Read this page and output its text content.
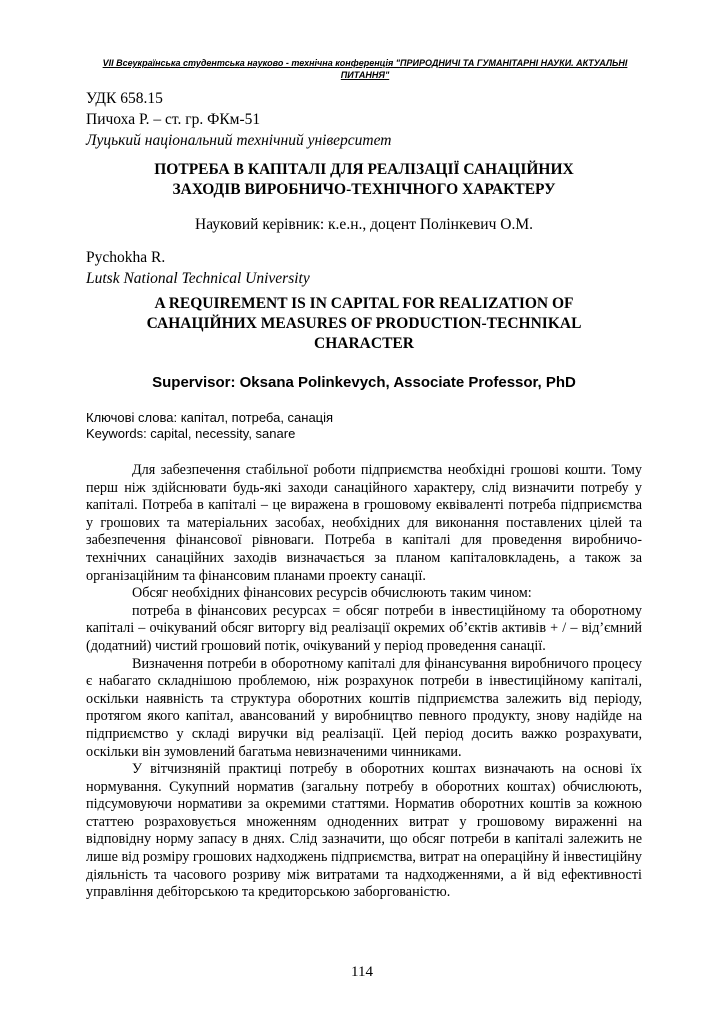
VII Всеукраїнська студентська науково - технічна конференція "ПРИРОДНИЧІ ТА ГУМАНІТАРНІ НАУКИ. АКТУАЛЬНІ ПИТАННЯ"
УДК 658.15
Пичоха Р. – ст. гр. ФКм-51
Луцький національний технічний університет
ПОТРЕБА В КАПІТАЛІ ДЛЯ РЕАЛІЗАЦІЇ САНАЦІЙНИХ
ЗАХОДІВ ВИРОБНИЧО-ТЕХНІЧНОГО ХАРАКТЕРУ
Науковий керівник: к.е.н., доцент Полінкевич О.М.
Pychokha R.
Lutsk National Technical University
A REQUIREMENT IS IN CAPITAL FOR REALIZATION OF
САНАЦІЙНИХ MEASURES OF PRODUCTION-TECHNIKAL
CHARACTER
Supervisor: Oksana Polinkevych, Associate Professor, PhD
Ключові слова: капітал, потреба, санація
Keywords: capital, necessity, sanare

Для забезпечення стабільної роботи підприємства необхідні грошові кошти. Тому перш ніж здійснювати будь-які заходи санаційного характеру, слід визначити потребу у капіталі. Потреба в капіталі – це виражена в грошовому еквіваленті потреба підприємства у грошових та матеріальних засобах, необхідних для виконання поставлених цілей та забезпечення фінансової рівноваги. Потреба в капіталі для проведення виробничо-технічних санаційних заходів визначається за планом капіталовкладень, а також за організаційним та фінансовим планами проекту санації.

Обсяг необхідних фінансових ресурсів обчислюють таким чином:

потреба в фінансових ресурсах = обсяг потреби в інвестиційному та оборотному капіталі – очікуваний обсяг виторгу від реалізації окремих об’єктів активів + / – від’ємний (додатний) чистий грошовий потік, очікуваний у період проведення санації.

Визначення потреби в оборотному капіталі для фінансування виробничого процесу є набагато складнішою проблемою, ніж розрахунок потреби в інвестиційному капіталі, оскільки наявність та структура оборотних коштів підприємства залежить від періоду, протягом якого капітал, авансований у виробництво певного продукту, знову надійде на підприємство у складі виручки від реалізації. Цей період досить важко розрахувати, оскільки він зумовлений багатьма невизначеними чинниками.

У вітчизняній практиці потребу в оборотних коштах визначають на основі їх нормування. Сукупний норматив (загальну потребу в оборотних коштах) обчислюють, підсумовуючи нормативи за окремими статтями. Норматив оборотних коштів за кожною статтею розраховується множенням одноденних витрат у грошовому вираженні на відповідну норму запасу в днях. Слід зазначити, що обсяг потреби в капіталі залежить не лише від розміру грошових надходжень підприємства, витрат на операційну й інвестиційну діяльність та часового розриву між витратами та надходженнями, а й від ефективності управління дебіторською та кредиторською заборгованістю.

114
